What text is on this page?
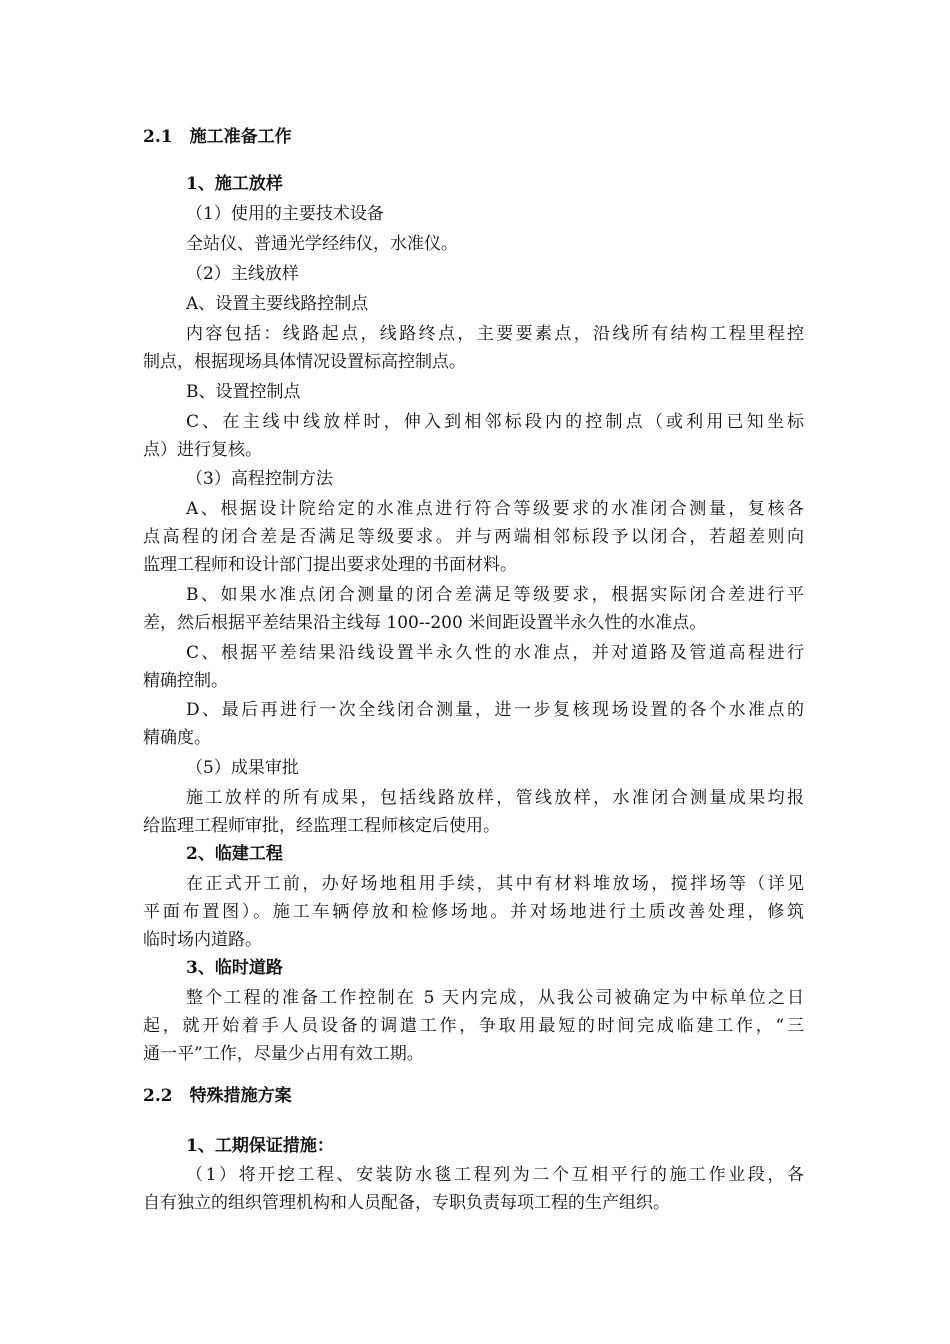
2.1　施工准备工作
1、施工放样
（1）使用的主要技术设备
全站仪、普通光学经纬仪，水准仪。
（2）主线放样
A、设置主要线路控制点
内容包括：线路起点，线路终点，主要要素点，沿线所有结构工程里程控
制点，根据现场具体情况设置标高控制点。
B、设置控制点
C、在主线中线放样时，伸入到相邻标段内的控制点（或利用已知坐标
点）进行复核。
（3）高程控制方法
A、根据设计院给定的水准点进行符合等级要求的水准闭合测量，复核各
点高程的闭合差是否满足等级要求。并与两端相邻标段予以闭合，若超差则向
监理工程师和设计部门提出要求处理的书面材料。
B、如果水准点闭合测量的闭合差满足等级要求，根据实际闭合差进行平
差，然后根据平差结果沿主线每 100--200 米间距设置半永久性的水准点。
C、根据平差结果沿线设置半永久性的水准点，并对道路及管道高程进行
精确控制。
D、最后再进行一次全线闭合测量，进一步复核现场设置的各个水准点的
精确度。
（5）成果审批
施工放样的所有成果，包括线路放样，管线放样，水准闭合测量成果均报
给监理工程师审批，经监理工程师核定后使用。
2、临建工程
在正式开工前，办好场地租用手续，其中有材料堆放场，搅拌场等（详见
平面布置图）。施工车辆停放和检修场地。并对场地进行土质改善处理，修筑
临时场内道路。
3、临时道路
整个工程的准备工作控制在 5 天内完成，从我公司被确定为中标单位之日
起，就开始着手人员设备的调遣工作，争取用最短的时间完成临建工作，“三
通一平”工作，尽量少占用有效工期。
2.2　特殊措施方案
1、工期保证措施：
（1）将开挖工程、安装防水毯工程列为二个互相平行的施工作业段，各
自有独立的组织管理机构和人员配备，专职负责每项工程的生产组织。
